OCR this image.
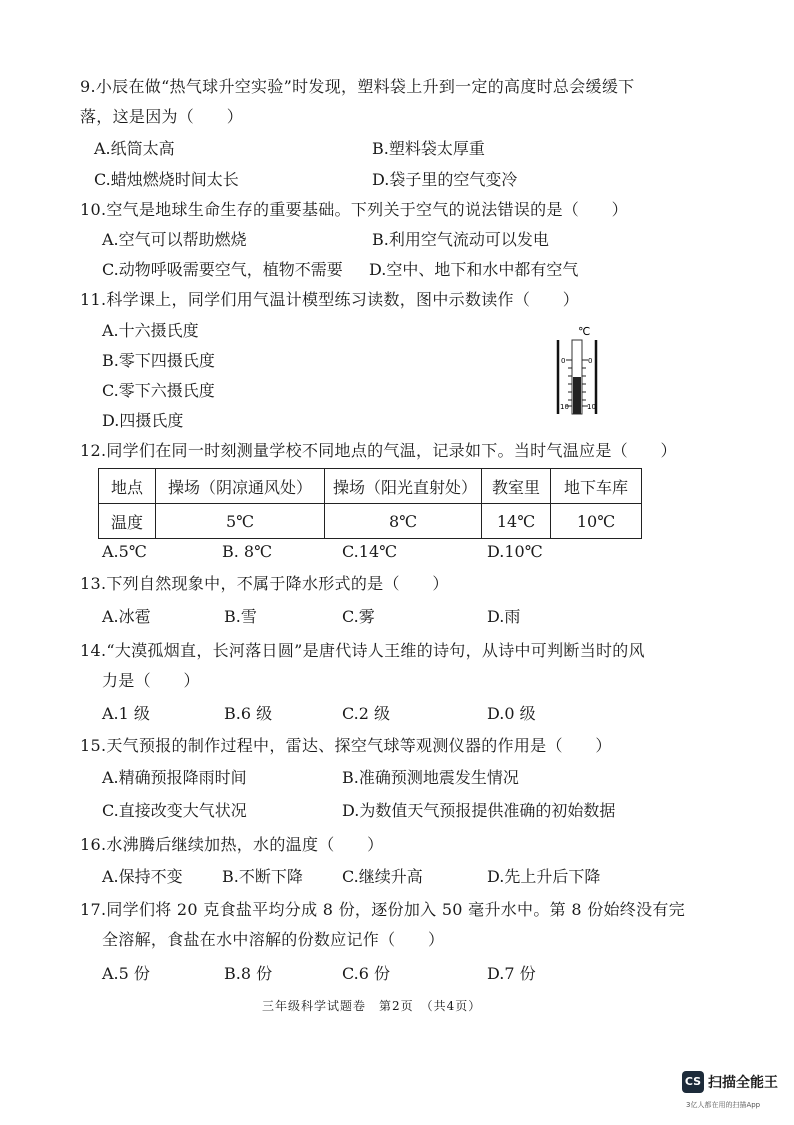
9.小辰在做“热气球升空实验”时发现，塑料袋上升到一定的高度时总会缓缓下
落，这是因为（　　）
A.纸筒太高	B.塑料袋太厚重
C.蜡烛燃烧时间太长	D.袋子里的空气变冷
10.空气是地球生命生存的重要基础。下列关于空气的说法错误的是（　　）
A.空气可以帮助燃烧	B.利用空气流动可以发电
C.动物呼吸需要空气，植物不需要 D.空中、地下和水中都有空气
11.科学课上，同学们用气温计模型练习读数，图中示数读作（　　）
A.十六摄氏度
B.零下四摄氏度
C.零下六摄氏度
D.四摄氏度
℃
0	0
10	10
12.同学们在同一时刻测量学校不同地点的气温，记录如下。当时气温应是（　　）
地点	操场（阴凉通风处）	操场（阳光直射处）	教室里	地下车库
温度	5℃	8℃	14℃	10℃
A.5℃	B. 8℃	C.14℃	D.10℃
13.下列自然现象中，不属于降水形式的是（　　）
A.冰雹	B.雪	C.雾	D.雨
14.“大漠孤烟直，长河落日圆”是唐代诗人王维的诗句，从诗中可判断当时的风
力是（　　）
A.1 级	B.6 级	C.2 级	D.0 级
15.天气预报的制作过程中，雷达、探空气球等观测仪器的作用是（　　）
A.精确预报降雨时间	B.准确预测地震发生情况
C.直接改变大气状况	D.为数值天气预报提供准确的初始数据
16.水沸腾后继续加热，水的温度（　　）
A.保持不变 B.不断下降 C.继续升高	D.先上升后下降
17.同学们将 20 克食盐平均分成 8 份，逐份加入 50 毫升水中。第 8 份始终没有完
全溶解，食盐在水中溶解的份数应记作（　　）
A.5 份	B.8 份	C.6 份	D.7 份
三年级科学试题卷　第2页　（共4页）
CS 扫描全能王
3亿人都在用的扫描App
